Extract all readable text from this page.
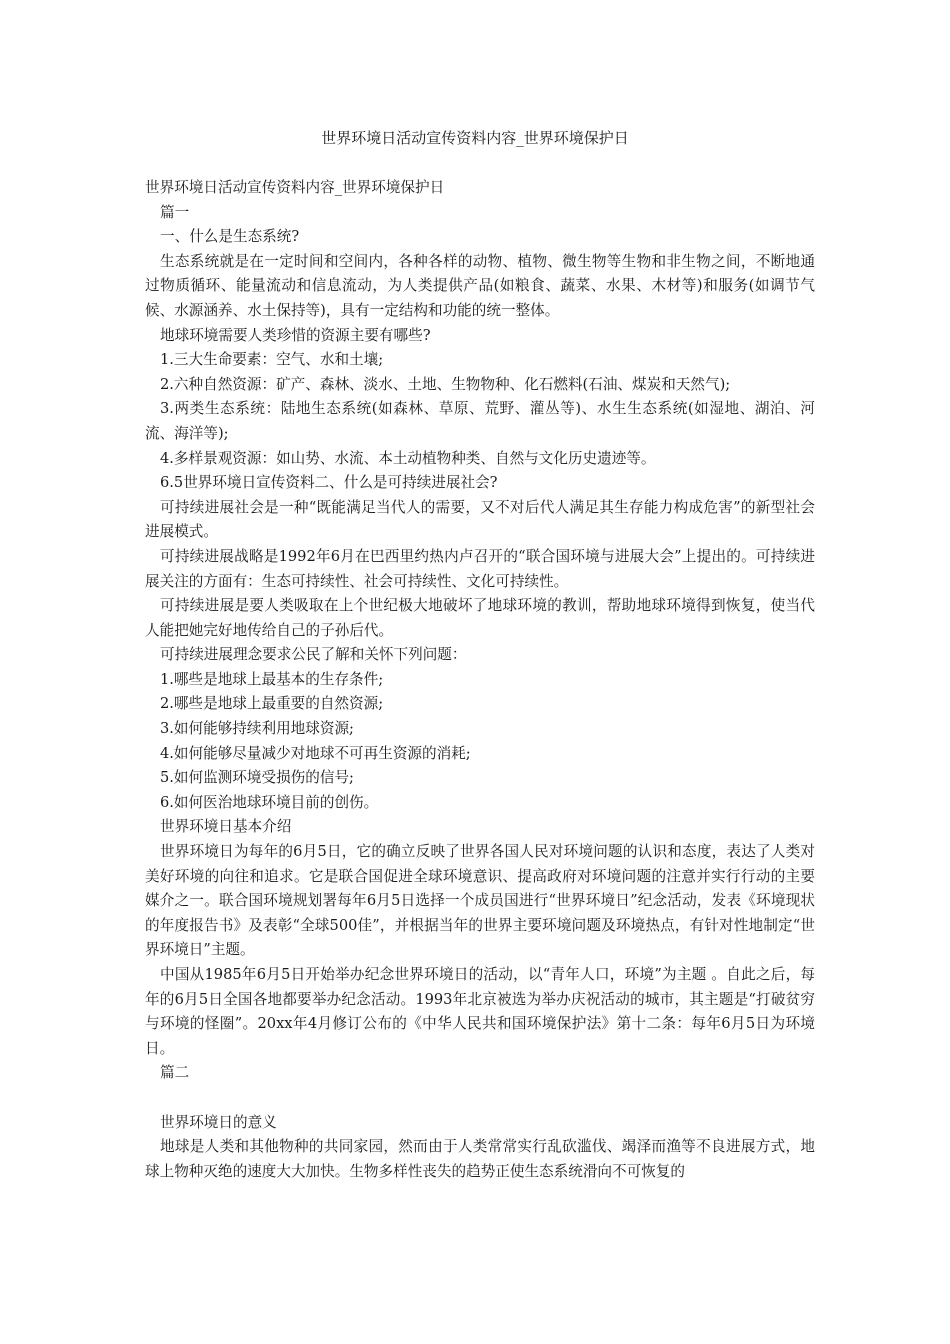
世界环境日活动宣传资料内容_世界环境保护日

世界环境日活动宣传资料内容_世界环境保护日

篇一

一、什么是生态系统?

生态系统就是在一定时间和空间内，各种各样的动物、植物、微生物等生物和非生物之间，不断地通过物质循环、能量流动和信息流动，为人类提供产品(如粮食、蔬菜、水果、木材等)和服务(如调节气候、水源涵养、水土保持等)，具有一定结构和功能的统一整体。

地球环境需要人类珍惜的资源主要有哪些?

1.三大生命要素：空气、水和土壤;

2.六种自然资源：矿产、森林、淡水、土地、生物物种、化石燃料(石油、煤炭和天然气);

3.两类生态系统：陆地生态系统(如森林、草原、荒野、灌丛等)、水生生态系统(如湿地、湖泊、河流、海洋等);

4.多样景观资源：如山势、水流、本土动植物种类、自然与文化历史遗迹等。

6.5世界环境日宣传资料二、什么是可持续进展社会?

可持续进展社会是一种“既能满足当代人的需要，又不对后代人满足其生存能力构成危害”的新型社会进展模式。

可持续进展战略是1992年6月在巴西里约热内卢召开的“联合国环境与进展大会”上提出的。可持续进展关注的方面有：生态可持续性、社会可持续性、文化可持续性。

可持续进展是要人类吸取在上个世纪极大地破坏了地球环境的教训，帮助地球环境得到恢复，使当代人能把她完好地传给自己的子孙后代。

可持续进展理念要求公民了解和关怀下列问题：

1.哪些是地球上最基本的生存条件;

2.哪些是地球上最重要的自然资源;

3.如何能够持续利用地球资源;

4.如何能够尽量减少对地球不可再生资源的消耗;

5.如何监测环境受损伤的信号;

6.如何医治地球环境目前的创伤。

世界环境日基本介绍

世界环境日为每年的6月5日，它的确立反映了世界各国人民对环境问题的认识和态度，表达了人类对美好环境的向往和追求。它是联合国促进全球环境意识、提高政府对环境问题的注意并实行行动的主要媒介之一。联合国环境规划署每年6月5日选择一个成员国进行“世界环境日”纪念活动，发表《环境现状的年度报告书》及表彰“全球500佳”，并根据当年的世界主要环境问题及环境热点，有针对性地制定“世界环境日”主题。

中国从1985年6月5日开始举办纪念世界环境日的活动，以“青年人口，环境”为主题 。自此之后，每年的6月5日全国各地都要举办纪念活动。1993年北京被选为举办庆祝活动的城市，其主题是“打破贫穷与环境的怪圈”。20xx年4月修订公布的《中华人民共和国环境保护法》第十二条：每年6月5日为环境日。

篇二

世界环境日的意义

地球是人类和其他物种的共同家园，然而由于人类常常实行乱砍滥伐、竭泽而渔等不良进展方式，地球上物种灭绝的速度大大加快。生物多样性丧失的趋势正使生态系统滑向不可恢复的
